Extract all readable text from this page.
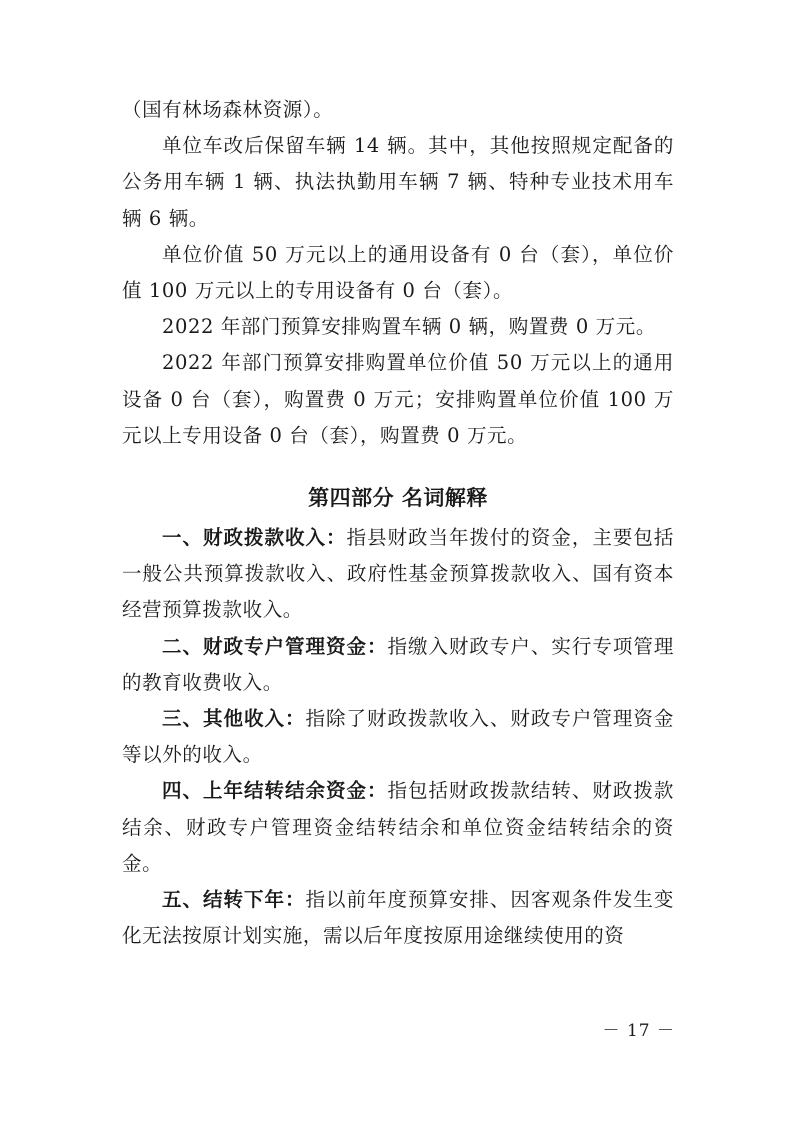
（国有林场森林资源）。

单位车改后保留车辆 14 辆。其中，其他按照规定配备的公务用车辆 1 辆、执法执勤用车辆 7 辆、特种专业技术用车辆 6 辆。

单位价值 50 万元以上的通用设备有 0 台（套），单位价值 100 万元以上的专用设备有 0 台（套）。

2022 年部门预算安排购置车辆 0 辆，购置费 0 万元。

2022 年部门预算安排购置单位价值 50 万元以上的通用设备 0 台（套），购置费 0 万元；安排购置单位价值 100 万元以上专用设备 0 台（套），购置费 0 万元。

第四部分 名词解释

一、财政拨款收入：指县财政当年拨付的资金，主要包括一般公共预算拨款收入、政府性基金预算拨款收入、国有资本经营预算拨款收入。

二、财政专户管理资金：指缴入财政专户、实行专项管理的教育收费收入。

三、其他收入：指除了财政拨款收入、财政专户管理资金等以外的收入。

四、上年结转结余资金：指包括财政拨款结转、财政拨款结余、财政专户管理资金结转结余和单位资金结转结余的资金。

五、结转下年：指以前年度预算安排、因客观条件发生变化无法按原计划实施，需以后年度按原用途继续使用的资

－ 17 －
